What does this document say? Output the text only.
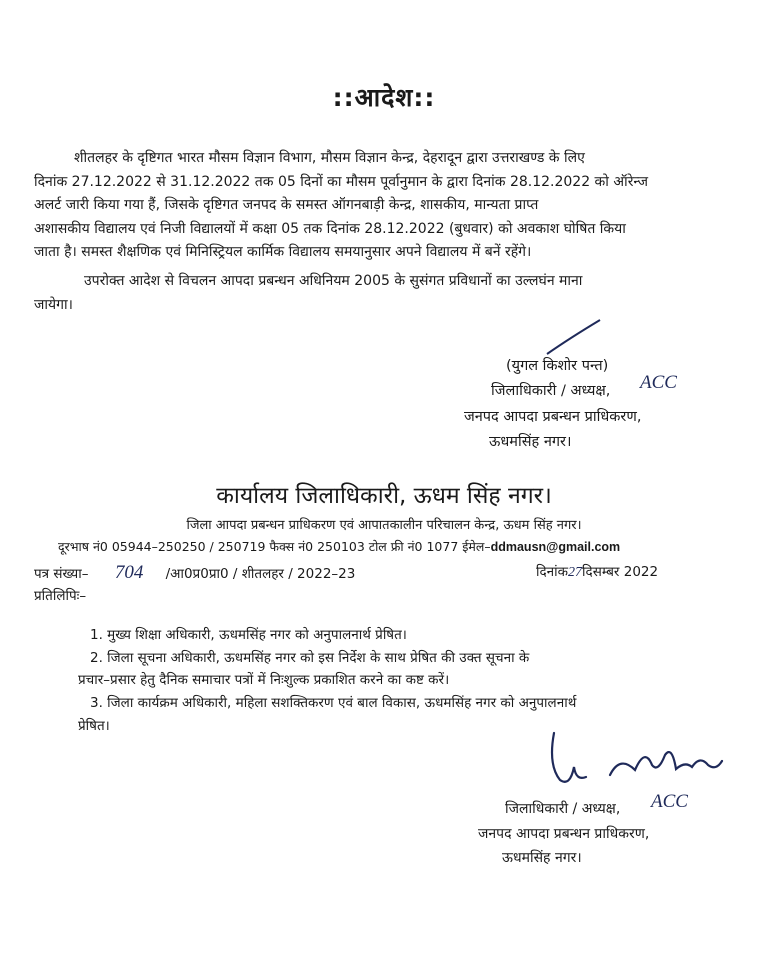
::आदेश::
शीतलहर के दृष्टिगत भारत मौसम विज्ञान विभाग, मौसम विज्ञान केन्द्र, देहरादून द्वारा उत्तराखण्ड के लिए
दिनांक 27.12.2022 से 31.12.2022 तक 05 दिनों का मौसम पूर्वानुमान के द्वारा दिनांक 28.12.2022 को ऑरेन्ज
अलर्ट जारी किया गया हैं, जिसके दृष्टिगत जनपद के समस्त ऑगनबाड़ी केन्द्र, शासकीय, मान्यता प्राप्त
अशासकीय विद्यालय एवं निजी विद्यालयों में कक्षा 05 तक दिनांक 28.12.2022 (बुधवार) को अवकाश घोषित किया
जाता है। समस्त शैक्षणिक एवं मिनिस्ट्रियल कार्मिक विद्यालय समयानुसार अपने विद्यालय में बनें रहेंगे।
उपरोक्त आदेश से विचलन आपदा प्रबन्धन अधिनियम 2005 के सुसंगत प्रविधानों का उल्लघंन माना
जायेगा।
(युगल किशोर पन्त)
जिलाधिकारी / अध्यक्ष, ACC
जनपद आपदा प्रबन्धन प्राधिकरण,
ऊधमसिंह नगर।
कार्यालय जिलाधिकारी, ऊधम सिंह नगर।
जिला आपदा प्रबन्धन प्राधिकरण एवं आपातकालीन परिचालन केन्द्र, ऊधम सिंह नगर।
दूरभाष नं0 05944–250250 / 250719 फैक्स नं0 250103 टोल फ्री नं0 1077 ईमेल–ddmausn@gmail.com
पत्र संख्या– 704 /आ0प्र0प्रा0 / शीतलहर / 2022–23	दिनांक27दिसम्बर 2022
प्रतिलिपिः–
1. मुख्य शिक्षा अधिकारी, ऊधमसिंह नगर को अनुपालनार्थ प्रेषित।
2. जिला सूचना अधिकारी, ऊधमसिंह नगर को इस निर्देश के साथ प्रेषित की उक्त सूचना के
प्रचार–प्रसार हेतु दैनिक समाचार पत्रों में निःशुल्क प्रकाशित करने का कष्ट करें।
3. जिला कार्यक्रम अधिकारी, महिला सशक्तिकरण एवं बाल विकास, ऊधमसिंह नगर को अनुपालनार्थ
प्रेषित।
जिलाधिकारी / अध्यक्ष, ACC
जनपद आपदा प्रबन्धन प्राधिकरण,
ऊधमसिंह नगर।
